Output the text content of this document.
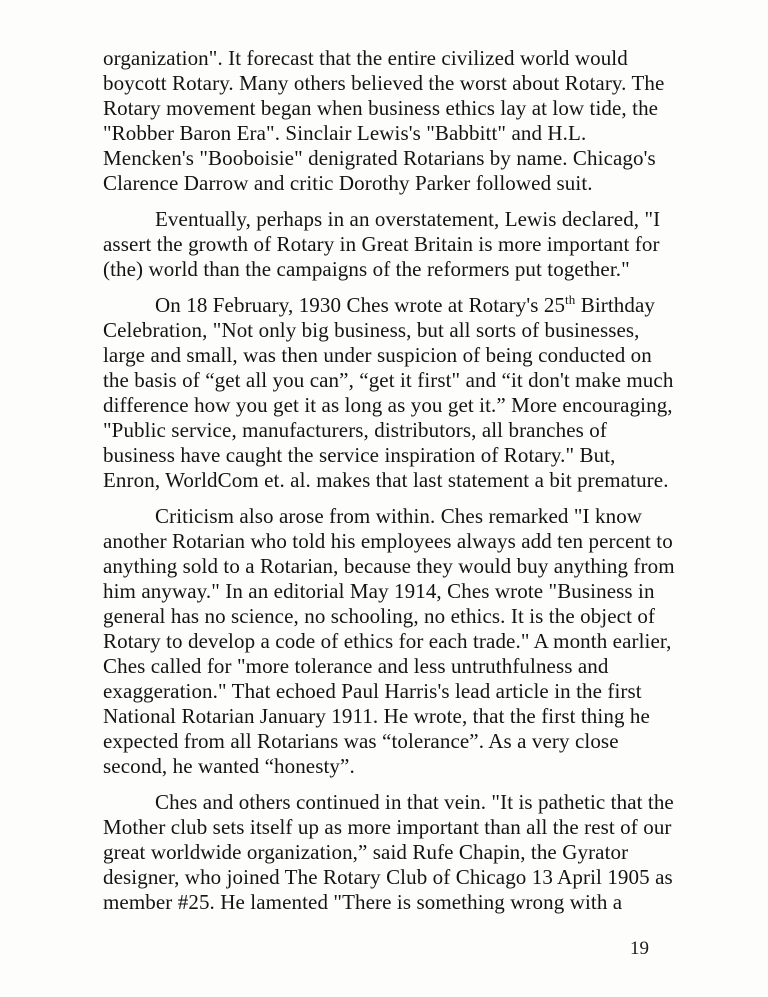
organization". It forecast that the entire civilized world would boycott Rotary. Many others believed the worst about Rotary. The Rotary movement began when business ethics lay at low tide, the "Robber Baron Era". Sinclair Lewis's "Babbitt" and H.L. Mencken's "Booboisie" denigrated Rotarians by name. Chicago's Clarence Darrow and critic Dorothy Parker followed suit.

Eventually, perhaps in an overstatement, Lewis declared, "I assert the growth of Rotary in Great Britain is more important for (the) world than the campaigns of the reformers put together."

On 18 February, 1930 Ches wrote at Rotary's 25th Birthday Celebration, "Not only big business, but all sorts of businesses, large and small, was then under suspicion of being conducted on the basis of “get all you can”, “get it first" and “it don't make much difference how you get it as long as you get it.” More encouraging, "Public service, manufacturers, distributors, all branches of business have caught the service inspiration of Rotary." But, Enron, WorldCom et. al. makes that last statement a bit premature.

Criticism also arose from within. Ches remarked "I know another Rotarian who told his employees always add ten percent to anything sold to a Rotarian, because they would buy anything from him anyway." In an editorial May 1914, Ches wrote "Business in general has no science, no schooling, no ethics. It is the object of Rotary to develop a code of ethics for each trade." A month earlier, Ches called for "more tolerance and less untruthfulness and exaggeration." That echoed Paul Harris's lead article in the first National Rotarian January 1911. He wrote, that the first thing he expected from all Rotarians was “tolerance”. As a very close second, he wanted “honesty”.

Ches and others continued in that vein. "It is pathetic that the Mother club sets itself up as more important than all the rest of our great worldwide organization,” said Rufe Chapin, the Gyrator designer, who joined The Rotary Club of Chicago 13 April 1905 as member #25. He lamented "There is something wrong with a

19
